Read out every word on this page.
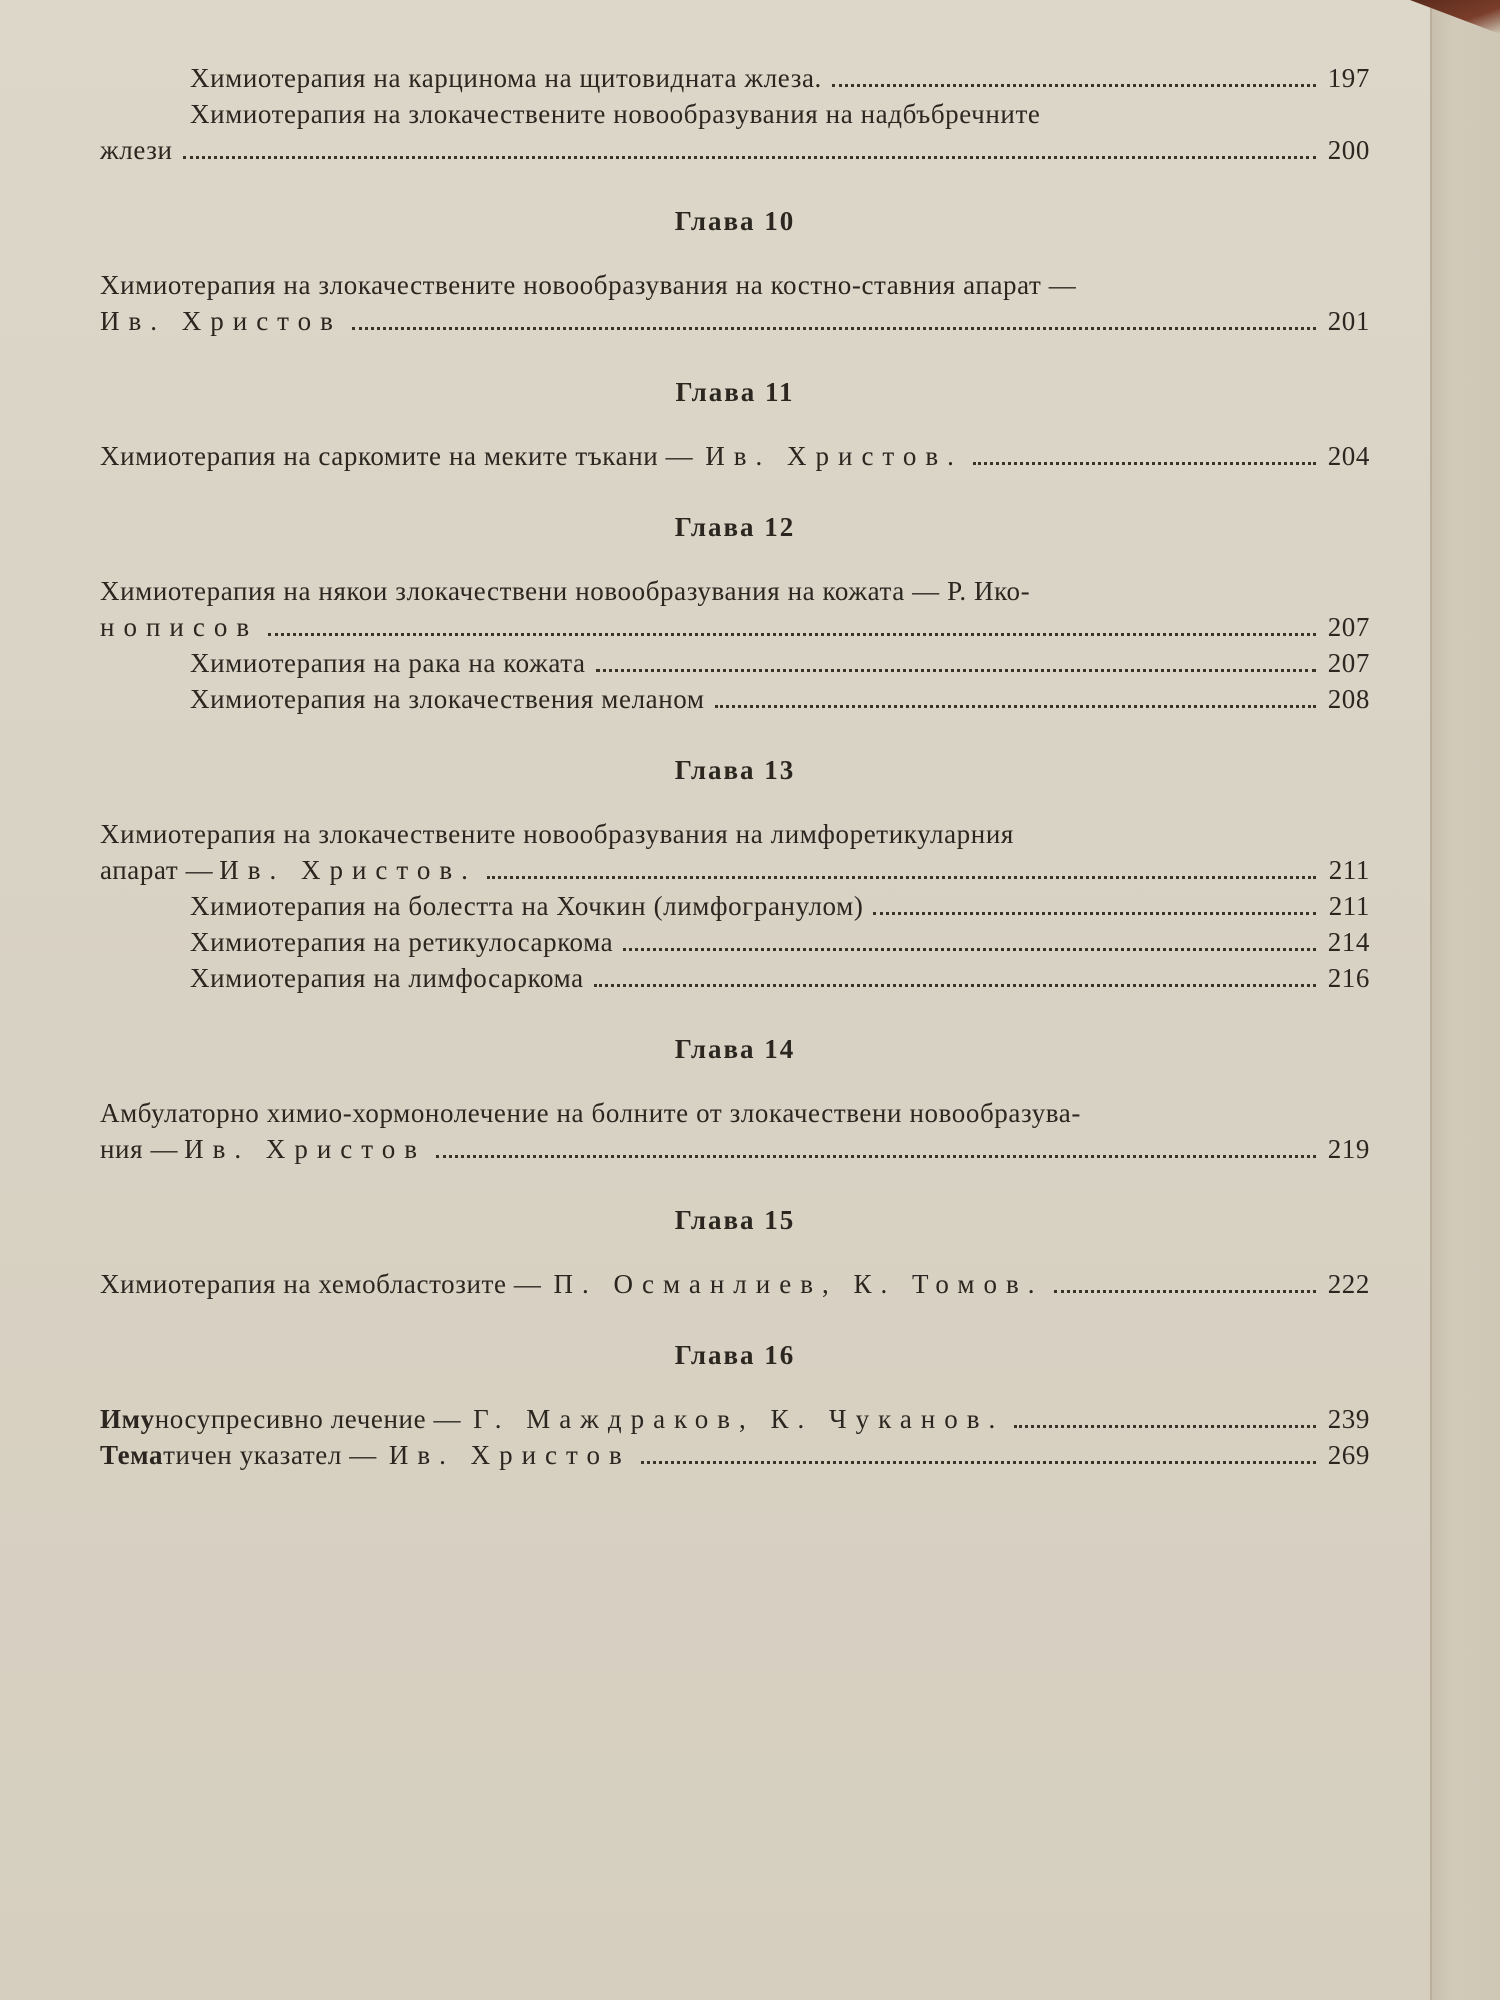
Химиотерапия на карцинома на щитовидната жлеза.	197
Химиотерапия на злокачествените новообразувания на надбъбречните
жлези	200
Глава 10
Химиотерапия на злокачествените новообразувания на костно-ставния апарат —
Ив. Христов	201
Глава 11
Химиотерапия на саркомите на меките тъкани — Ив. Христов.	204
Глава 12
Химиотерапия на някои злокачествени новообразувания на кожата — Р. Ико-
нописов	207
Химиотерапия на рака на кожата	207
Химиотерапия на злокачествения меланом	208
Глава 13
Химиотерапия на злокачествените новообразувания на лимфоретикуларния
апарат — Ив. Христов.	211
Химиотерапия на болестта на Хочкин (лимфогранулом)	211
Химиотерапия на ретикулосаркома	214
Химиотерапия на лимфосаркома	216
Глава 14
Амбулаторно химио-хормонолечение на болните от злокачествени новообразува-
ния — Ив. Христов	219
Глава 15
Химиотерапия на хемобластозите — П. Османлиев, К. Томов.	222
Глава 16
Имуносупресивно лечение — Г. Маждраков, К. Чуканов.	239
Тематичен указател — Ив. Христов	269
